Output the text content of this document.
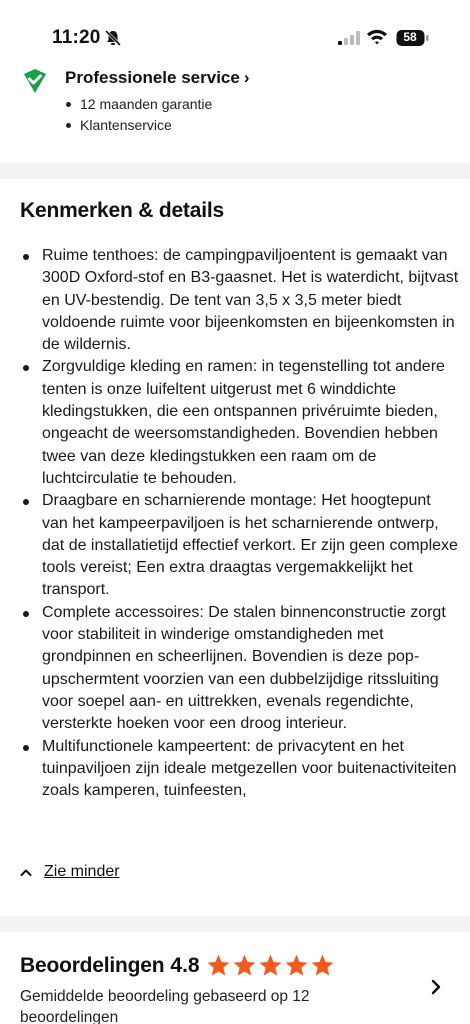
11:20	58
Professionele service ›
12 maanden garantie
Klantenservice
Kenmerken & details
Ruime tenthoes: de campingpaviljoentent is gemaakt van 300D Oxford-stof en B3-gaasnet. Het is waterdicht, bijtvast en UV-bestendig. De tent van 3,5 x 3,5 meter biedt voldoende ruimte voor bijeenkomsten en bijeenkomsten in de wildernis.
Zorgvuldige kleding en ramen: in tegenstelling tot andere tenten is onze luifeltent uitgerust met 6 winddichte kledingstukken, die een ontspannen privéruimte bieden, ongeacht de weersomstandigheden. Bovendien hebben twee van deze kledingstukken een raam om de luchtcirculatie te behouden.
Draagbare en scharnierende montage: Het hoogtepunt van het kampeerpaviljoen is het scharnierende ontwerp, dat de installatietijd effectief verkort. Er zijn geen complexe tools vereist; Een extra draagtas vergemakkelijkt het transport.
Complete accessoires: De stalen binnenconstructie zorgt voor stabiliteit in winderige omstandigheden met grondpinnen en scheerlijnen. Bovendien is deze pop-upschermtent voorzien van een dubbelzijdige ritssluiting voor soepel aan- en uittrekken, evenals regendichte, versterkte hoeken voor een droog interieur.
Multifunctionele kampeertent: de privacytent en het tuinpaviljoen zijn ideale metgezellen voor buitenactiviteiten zoals kamperen, tuinfeesten,
Zie minder
Beoordelingen 4.8
Gemiddelde beoordeling gebaseerd op 12 beoordelingen
